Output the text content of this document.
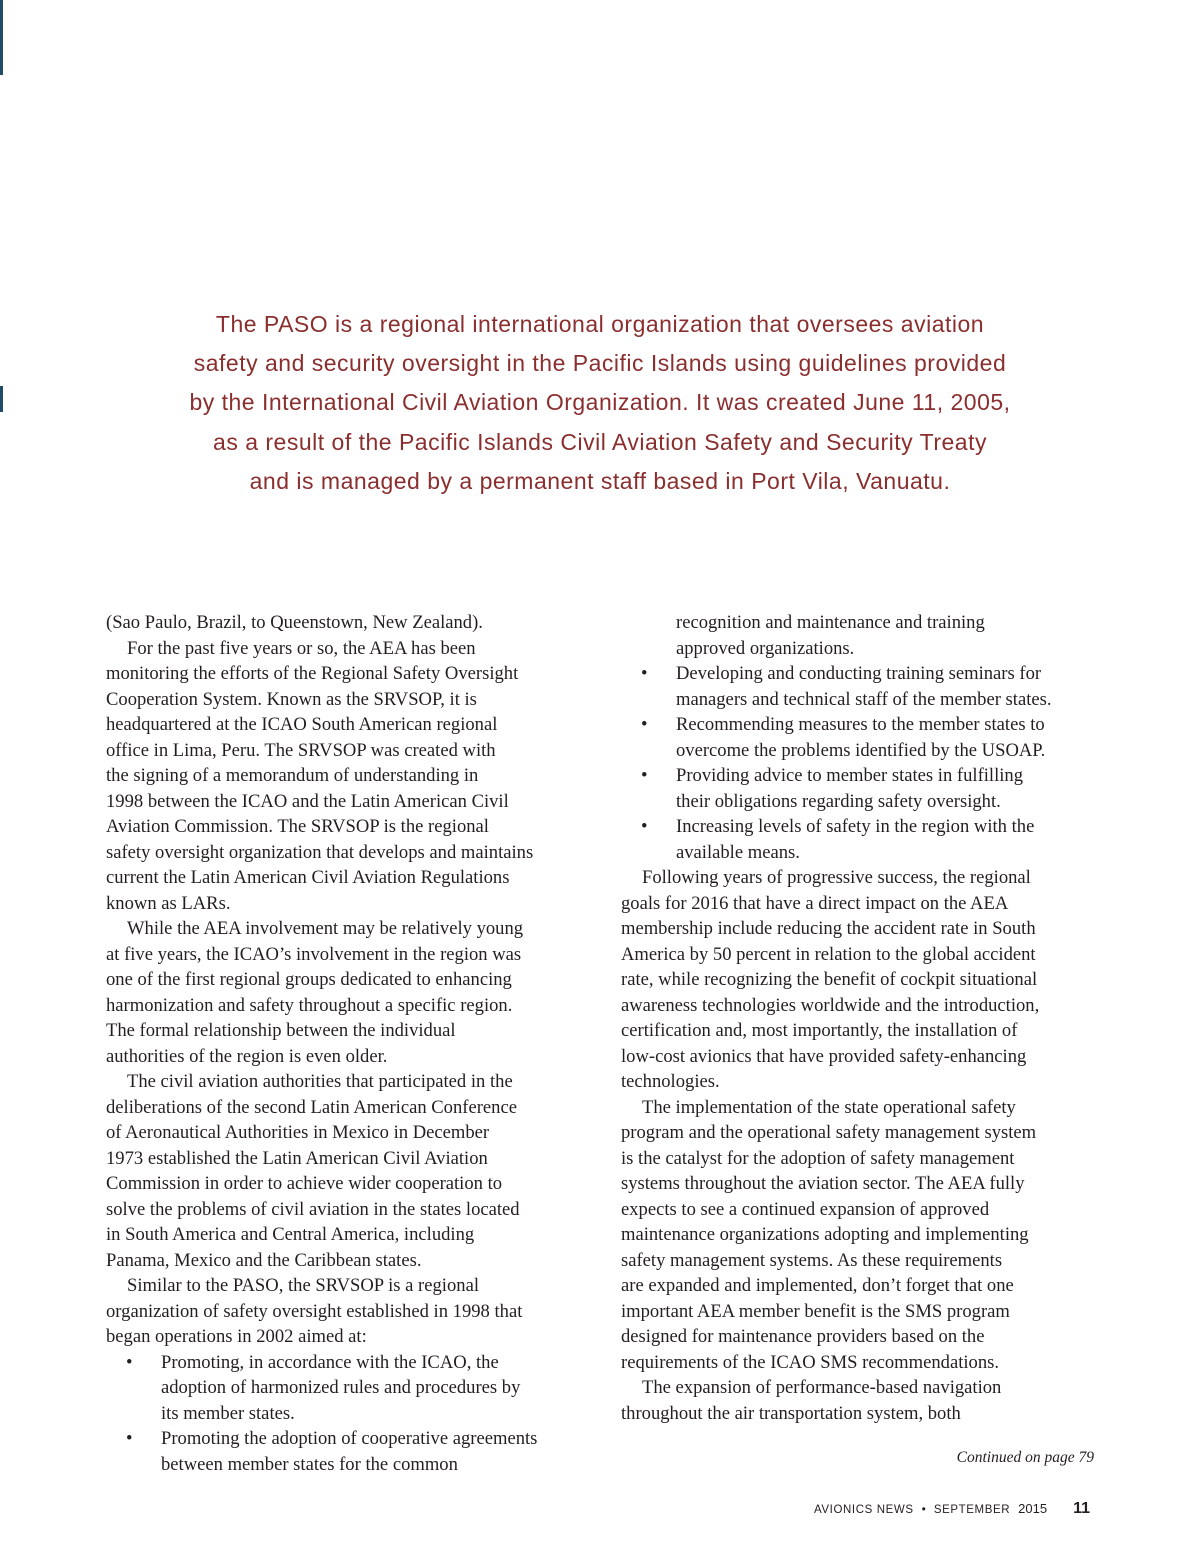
The PASO is a regional international organization that oversees aviation
safety and security oversight in the Pacific Islands using guidelines provided
by the International Civil Aviation Organization. It was created June 11, 2005,
as a result of the Pacific Islands Civil Aviation Safety and Security Treaty
and is managed by a permanent staff based in Port Vila, Vanuatu.
(Sao Paulo, Brazil, to Queenstown, New Zealand).
For the past five years or so, the AEA has been
monitoring the efforts of the Regional Safety Oversight
Cooperation System. Known as the SRVSOP, it is
headquartered at the ICAO South American regional
office in Lima, Peru. The SRVSOP was created with
the signing of a memorandum of understanding in
1998 between the ICAO and the Latin American Civil
Aviation Commission. The SRVSOP is the regional
safety oversight organization that develops and maintains
current the Latin American Civil Aviation Regulations
known as LARs.
While the AEA involvement may be relatively young
at five years, the ICAO’s involvement in the region was
one of the first regional groups dedicated to enhancing
harmonization and safety throughout a specific region.
The formal relationship between the individual
authorities of the region is even older.
The civil aviation authorities that participated in the
deliberations of the second Latin American Conference
of Aeronautical Authorities in Mexico in December
1973 established the Latin American Civil Aviation
Commission in order to achieve wider cooperation to
solve the problems of civil aviation in the states located
in South America and Central America, including
Panama, Mexico and the Caribbean states.
Similar to the PASO, the SRVSOP is a regional
organization of safety oversight established in 1998 that
began operations in 2002 aimed at:
• Promoting, in accordance with the ICAO, the
adoption of harmonized rules and procedures by
its member states.
• Promoting the adoption of cooperative agreements
between member states for the common
recognition and maintenance and training
approved organizations.
• Developing and conducting training seminars for
managers and technical staff of the member states.
• Recommending measures to the member states to
overcome the problems identified by the USOAP.
• Providing advice to member states in fulfilling
their obligations regarding safety oversight.
• Increasing levels of safety in the region with the
available means.
Following years of progressive success, the regional
goals for 2016 that have a direct impact on the AEA
membership include reducing the accident rate in South
America by 50 percent in relation to the global accident
rate, while recognizing the benefit of cockpit situational
awareness technologies worldwide and the introduction,
certification and, most importantly, the installation of
low-cost avionics that have provided safety-enhancing
technologies.
The implementation of the state operational safety
program and the operational safety management system
is the catalyst for the adoption of safety management
systems throughout the aviation sector. The AEA fully
expects to see a continued expansion of approved
maintenance organizations adopting and implementing
safety management systems. As these requirements
are expanded and implemented, don’t forget that one
important AEA member benefit is the SMS program
designed for maintenance providers based on the
requirements of the ICAO SMS recommendations.
The expansion of performance-based navigation
throughout the air transportation system, both
Continued on page 79
AVIONICS NEWS • SEPTEMBER 2015 11
